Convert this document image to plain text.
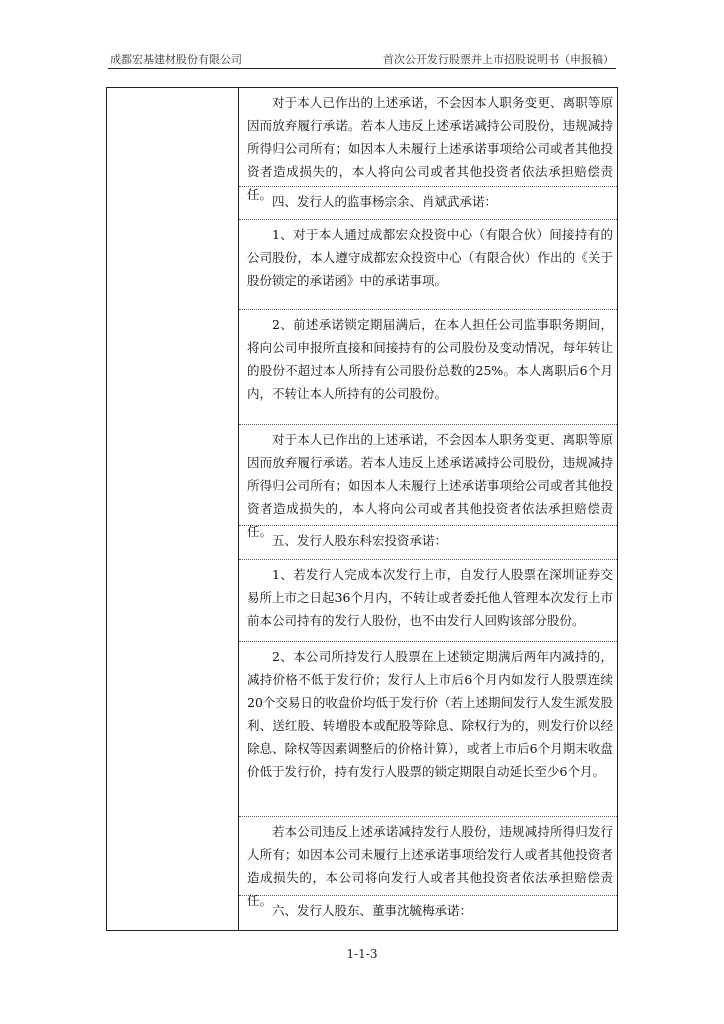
成都宏基建材股份有限公司	首次公开发行股票并上市招股说明书（申报稿）
对于本人已作出的上述承诺，不会因本人职务变更、离职等原因而放弃履行承诺。若本人违反上述承诺减持公司股份，违规减持所得归公司所有；如因本人未履行上述承诺事项给公司或者其他投资者造成损失的，本人将向公司或者其他投资者依法承担赔偿责任。 四、发行人的监事杨宗余、肖斌武承诺：
1、对于本人通过成都宏众投资中心（有限合伙）间接持有的公司股份，本人遵守成都宏众投资中心（有限合伙）作出的《关于股份锁定的承诺函》中的承诺事项。
2、前述承诺锁定期届满后，在本人担任公司监事职务期间，将向公司申报所直接和间接持有的公司股份及变动情况，每年转让的股份不超过本人所持有公司股份总数的25%。本人离职后6个月内，不转让本人所持有的公司股份。
对于本人已作出的上述承诺，不会因本人职务变更、离职等原因而放弃履行承诺。若本人违反上述承诺减持公司股份，违规减持所得归公司所有；如因本人未履行上述承诺事项给公司或者其他投资者造成损失的，本人将向公司或者其他投资者依法承担赔偿责任。
五、发行人股东科宏投资承诺：
1、若发行人完成本次发行上市，自发行人股票在深圳证券交易所上市之日起36个月内，不转让或者委托他人管理本次发行上市前本公司持有的发行人股份，也不由发行人回购该部分股份。
2、本公司所持发行人股票在上述锁定期满后两年内减持的，减持价格不低于发行价；发行人上市后6个月内如发行人股票连续20个交易日的收盘价均低于发行价（若上述期间发行人发生派发股利、送红股、转增股本或配股等除息、除权行为的，则发行价以经除息、除权等因素调整后的价格计算），或者上市后6个月期末收盘价低于发行价，持有发行人股票的锁定期限自动延长至少6个月。
若本公司违反上述承诺减持发行人股份，违规减持所得归发行人所有；如因本公司未履行上述承诺事项给发行人或者其他投资者造成损失的，本公司将向发行人或者其他投资者依法承担赔偿责任。
六、发行人股东、董事沈毓梅承诺：
1-1-3
